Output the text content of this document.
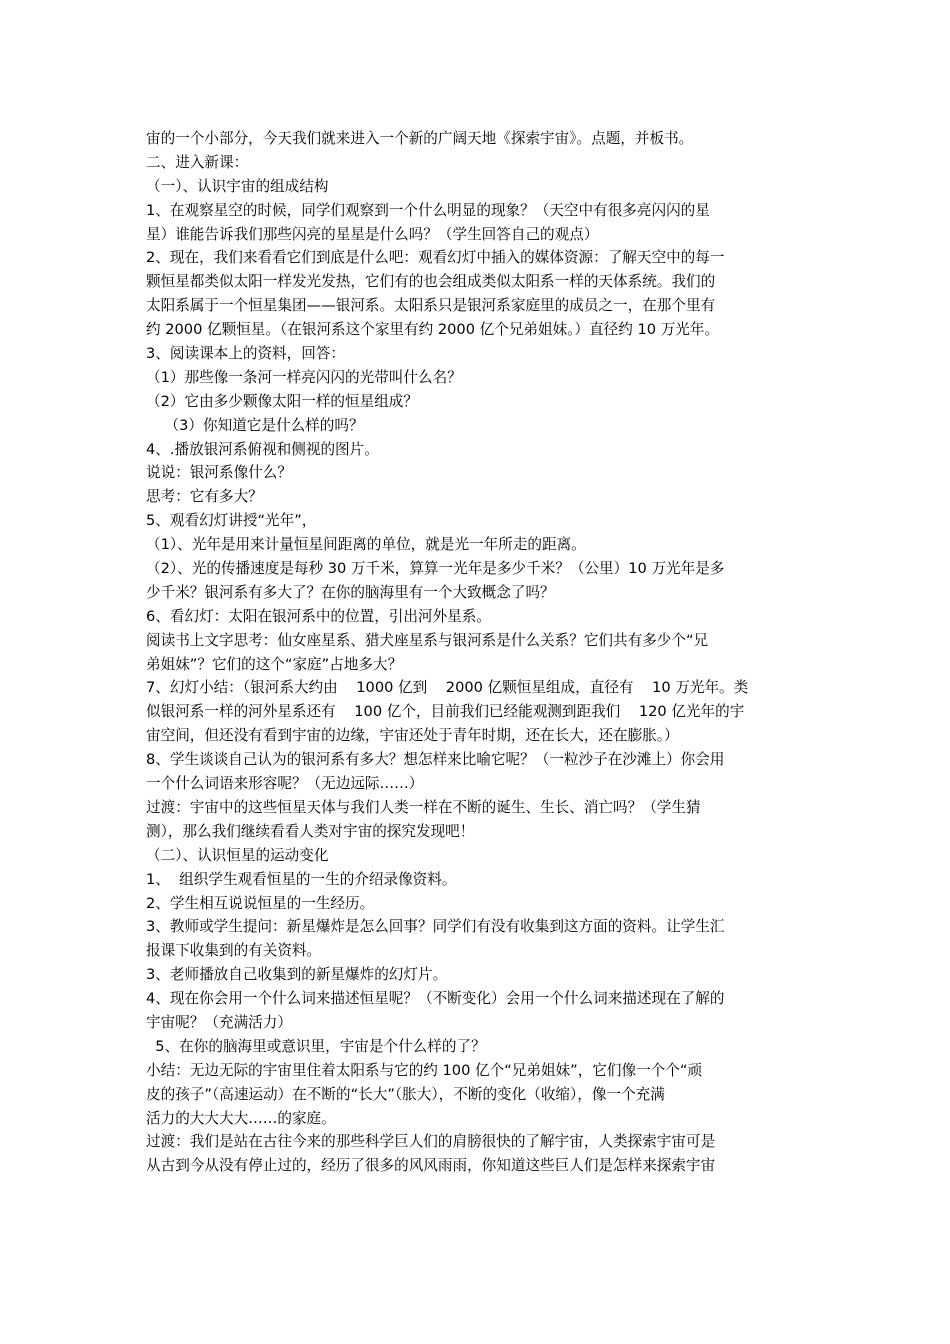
宙的一个小部分，今天我们就来进入一个新的广阔天地《探索宇宙》。点题，并板书。
二、进入新课：
（一）、认识宇宙的组成结构
1、在观察星空的时候，同学们观察到一个什么明显的现象？（天空中有很多亮闪闪的星
星）谁能告诉我们那些闪亮的星星是什么吗？（学生回答自己的观点）
2、现在，我们来看看它们到底是什么吧：观看幻灯中插入的媒体资源：了解天空中的每一
颗恒星都类似太阳一样发光发热，它们有的也会组成类似太阳系一样的天体系统。我们的
太阳系属于一个恒星集团——银河系。太阳系只是银河系家庭里的成员之一，在那个里有
约 2000 亿颗恒星。（在银河系这个家里有约 2000 亿个兄弟姐妹。）直径约 10 万光年。
3、阅读课本上的资料，回答：
（1）那些像一条河一样亮闪闪的光带叫什么名？
（2）它由多少颗像太阳一样的恒星组成？
（3）你知道它是什么样的吗？
4、.播放银河系俯视和侧视的图片。
说说：银河系像什么？
思考：它有多大？
5、观看幻灯讲授“光年”，
（1）、光年是用来计量恒星间距离的单位，就是光一年所走的距离。
（2）、光的传播速度是每秒 30 万千米，算算一光年是多少千米？（公里）10 万光年是多
少千米？银河系有多大了？在你的脑海里有一个大致概念了吗？
6、看幻灯：太阳在银河系中的位置，引出河外星系。
阅读书上文字思考：仙女座星系、猎犬座星系与银河系是什么关系？它们共有多少个“兄
弟姐妹”？它们的这个“家庭”占地多大？
7、幻灯小结：（银河系大约由    1000 亿到    2000 亿颗恒星组成，直径有    10 万光年。类
似银河系一样的河外星系还有    100 亿个，目前我们已经能观测到距我们    120 亿光年的宇
宙空间，但还没有看到宇宙的边缘，宇宙还处于青年时期，还在长大，还在膨胀。）
8、学生谈谈自己认为的银河系有多大？想怎样来比喻它呢？（一粒沙子在沙滩上）你会用
一个什么词语来形容呢？（无边远际……）
过渡：宇宙中的这些恒星天体与我们人类一样在不断的诞生、生长、消亡吗？（学生猜
测），那么我们继续看看人类对宇宙的探究发现吧！
（二）、认识恒星的运动变化
1、  组织学生观看恒星的一生的介绍录像资料。
2、学生相互说说恒星的一生经历。
3、教师或学生提问：新星爆炸是怎么回事？同学们有没有收集到这方面的资料。让学生汇
报课下收集到的有关资料。
3、老师播放自己收集到的新星爆炸的幻灯片。
4、现在你会用一个什么词来描述恒星呢？（不断变化）会用一个什么词来描述现在了解的
宇宙呢？（充满活力）
5、在你的脑海里或意识里，宇宙是个什么样的了？
小结：无边无际的宇宙里住着太阳系与它的约 100 亿个“兄弟姐妹”，它们像一个个“顽
皮的孩子”（高速运动）在不断的“长大”（胀大），不断的变化（收缩），像一个充满
活力的大大大大……的家庭。
过渡：我们是站在古往今来的那些科学巨人们的肩膀很快的了解宇宙，人类探索宇宙可是
从古到今从没有停止过的，经历了很多的风风雨雨，你知道这些巨人们是怎样来探索宇宙
